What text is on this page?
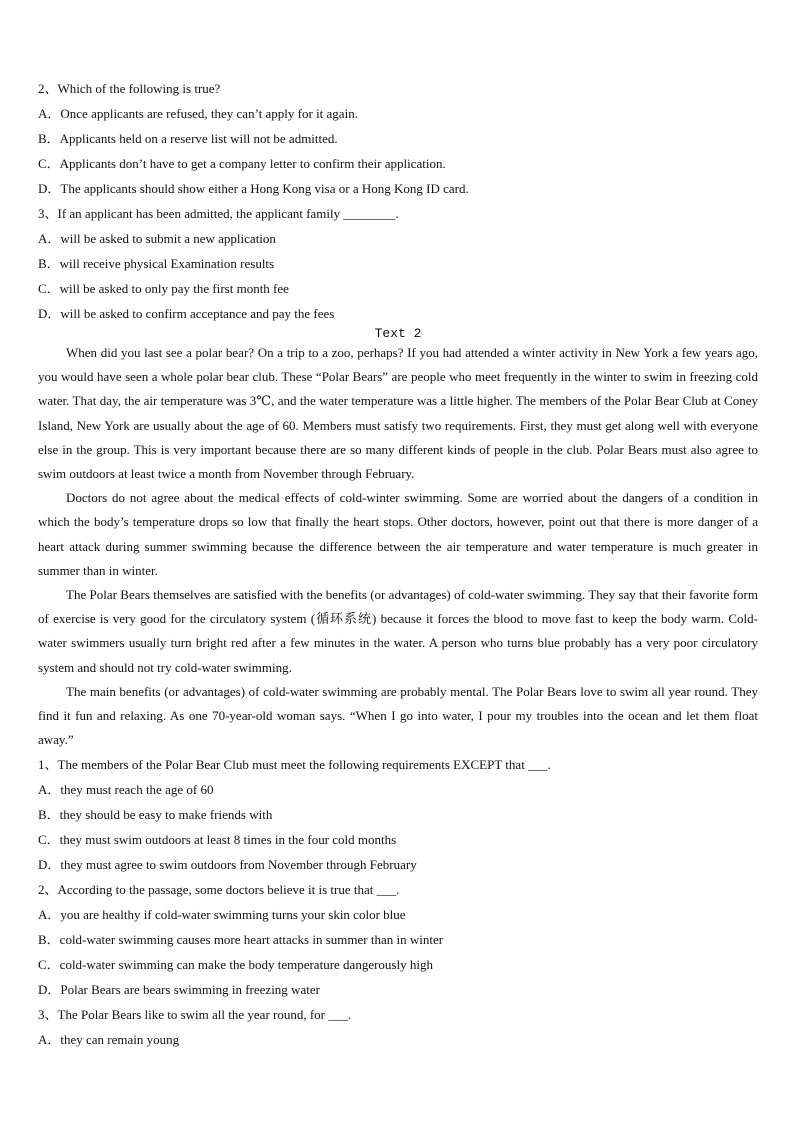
2、Which of the following is true?
A．Once applicants are refused, they can’t apply for it again.
B．Applicants held on a reserve list will not be admitted.
C．Applicants don’t have to get a company letter to confirm their application.
D．The applicants should show either a Hong Kong visa or a Hong Kong ID card.
3、If an applicant has been admitted, the applicant family ________.
A．will be asked to submit a new application
B．will receive physical Examination results
C．will be asked to only pay the first month fee
D．will be asked to confirm acceptance and pay the fees
Text 2

When did you last see a polar bear? On a trip to a zoo, perhaps? If you had attended a winter activity in New York a few years ago, you would have seen a whole polar bear club. These “Polar Bears” are people who meet frequently in the winter to swim in freezing cold water. That day, the air temperature was 3℃, and the water temperature was a little higher. The members of the Polar Bear Club at Coney Island, New York are usually about the age of 60. Members must satisfy two requirements. First, they must get along well with everyone else in the group. This is very important because there are so many different kinds of people in the club. Polar Bears must also agree to swim outdoors at least twice a month from November through February.

Doctors do not agree about the medical effects of cold-winter swimming. Some are worried about the dangers of a condition in which the body’s temperature drops so low that finally the heart stops. Other doctors, however, point out that there is more danger of a heart attack during summer swimming because the difference between the air temperature and water temperature is much greater in summer than in winter.

The Polar Bears themselves are satisfied with the benefits (or advantages) of cold-water swimming. They say that their favorite form of exercise is very good for the circulatory system (循环系统) because it forces the blood to move fast to keep the body warm. Cold-water swimmers usually turn bright red after a few minutes in the water. A person who turns blue probably has a very poor circulatory system and should not try cold-water swimming.

The main benefits (or advantages) of cold-water swimming are probably mental. The Polar Bears love to swim all year round. They find it fun and relaxing. As one 70-year-old woman says. “When I go into water, I pour my troubles into the ocean and let them float away.”

1、The members of the Polar Bear Club must meet the following requirements EXCEPT that ___.
A．they must reach the age of 60
B．they should be easy to make friends with
C．they must swim outdoors at least 8 times in the four cold months
D．they must agree to swim outdoors from November through February
2、According to the passage, some doctors believe it is true that ___.
A．you are healthy if cold-water swimming turns your skin color blue
B．cold-water swimming causes more heart attacks in summer than in winter
C．cold-water swimming can make the body temperature dangerously high
D．Polar Bears are bears swimming in freezing water
3、The Polar Bears like to swim all the year round, for ___.
A．they can remain young
